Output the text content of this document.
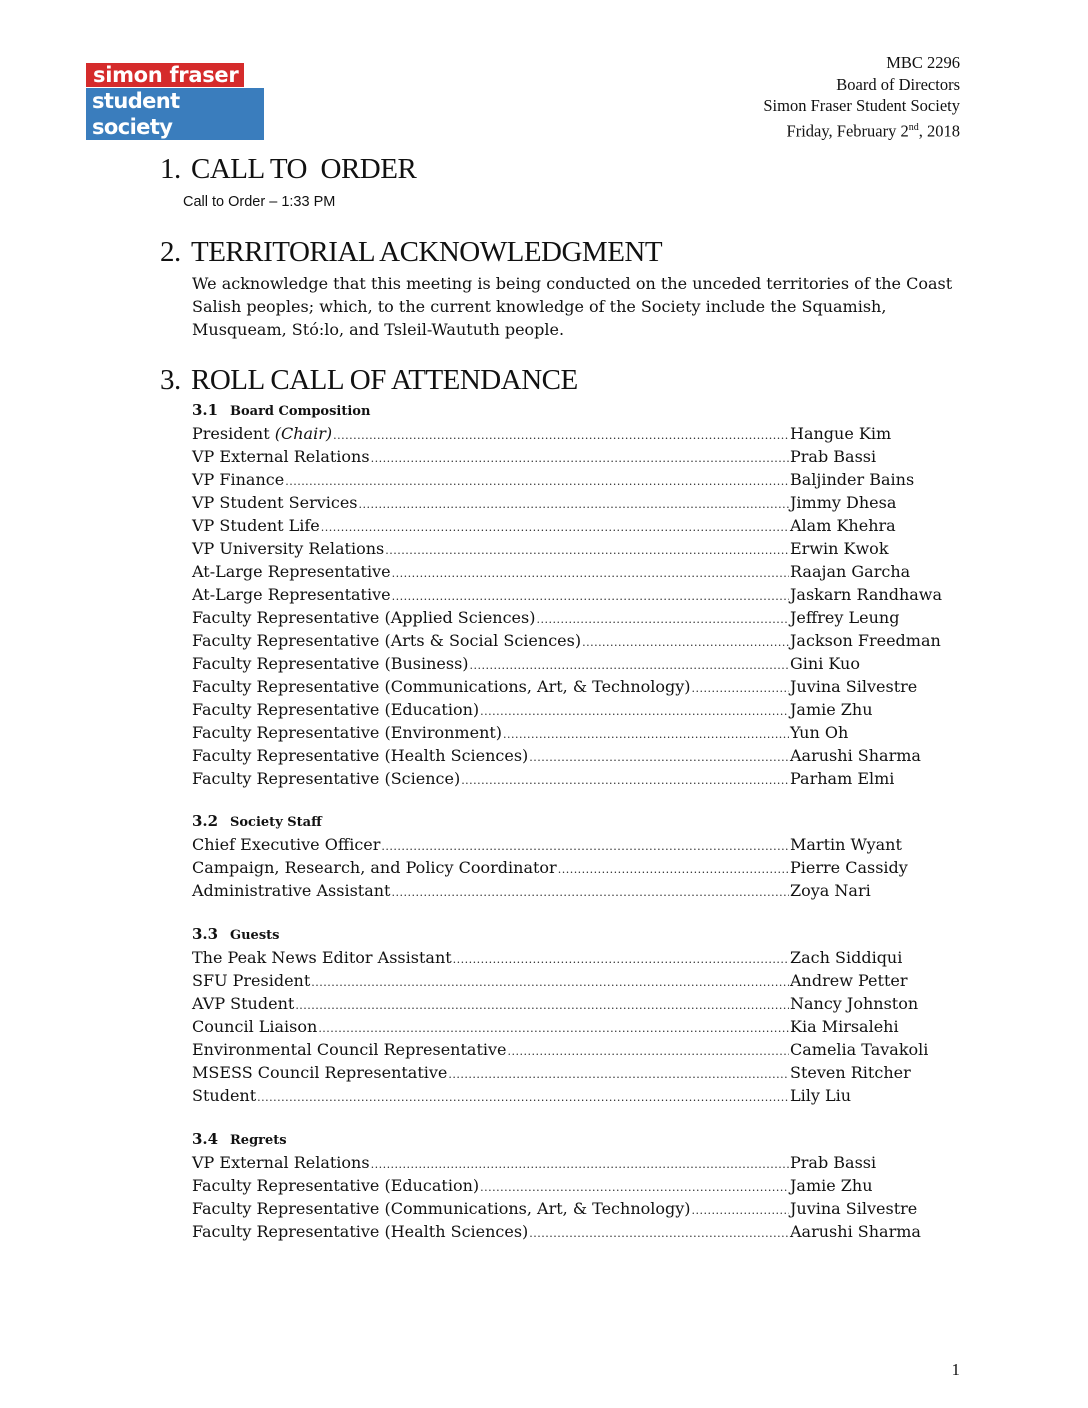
simon fraser
student society
MBC 2296
Board of Directors
Simon Fraser Student Society
Friday, February 2nd, 2018
1. CALL TO  ORDER
Call to Order – 1:33 PM
2. TERRITORIAL ACKNOWLEDGMENT
We acknowledge that this meeting is being conducted on the unceded territories of the Coast Salish peoples; which, to the current knowledge of the Society include the Squamish, Musqueam, Stó:lo, and Tsleil-Waututh people.
3. ROLL CALL OF ATTENDANCE
3.1 Board Composition
President (Chair) .....	Hangue Kim
VP External Relations .....	Prab Bassi
VP Finance .....	Baljinder Bains
VP Student Services .....	Jimmy Dhesa
VP Student Life .....	Alam Khehra
VP University Relations .....	Erwin Kwok
At-Large Representative .....	Raajan Garcha
At-Large Representative .....	Jaskarn Randhawa
Faculty Representative (Applied Sciences) .....	Jeffrey Leung
Faculty Representative (Arts & Social Sciences) .....	Jackson Freedman
Faculty Representative (Business) .....	Gini Kuo
Faculty Representative (Communications, Art, & Technology) .....	Juvina Silvestre
Faculty Representative (Education) .....	Jamie Zhu
Faculty Representative (Environment) .....	Yun Oh
Faculty Representative (Health Sciences) .....	Aarushi Sharma
Faculty Representative (Science) .....	Parham Elmi
3.2 Society Staff
Chief Executive Officer .....	Martin Wyant
Campaign, Research, and Policy Coordinator .....	Pierre Cassidy
Administrative Assistant .....	Zoya Nari
3.3 Guests
The Peak News Editor Assistant .....	Zach Siddiqui
SFU President .....	Andrew Petter
AVP Student .....	Nancy Johnston
Council Liaison .....	Kia Mirsalehi
Environmental Council Representative .....	Camelia Tavakoli
MSESS Council Representative .....	Steven Ritcher
Student .....	Lily Liu
3.4 Regrets
VP External Relations .....	Prab Bassi
Faculty Representative (Education) .....	Jamie Zhu
Faculty Representative (Communications, Art, & Technology) .....	Juvina Silvestre
Faculty Representative (Health Sciences) .....	Aarushi Sharma
1
